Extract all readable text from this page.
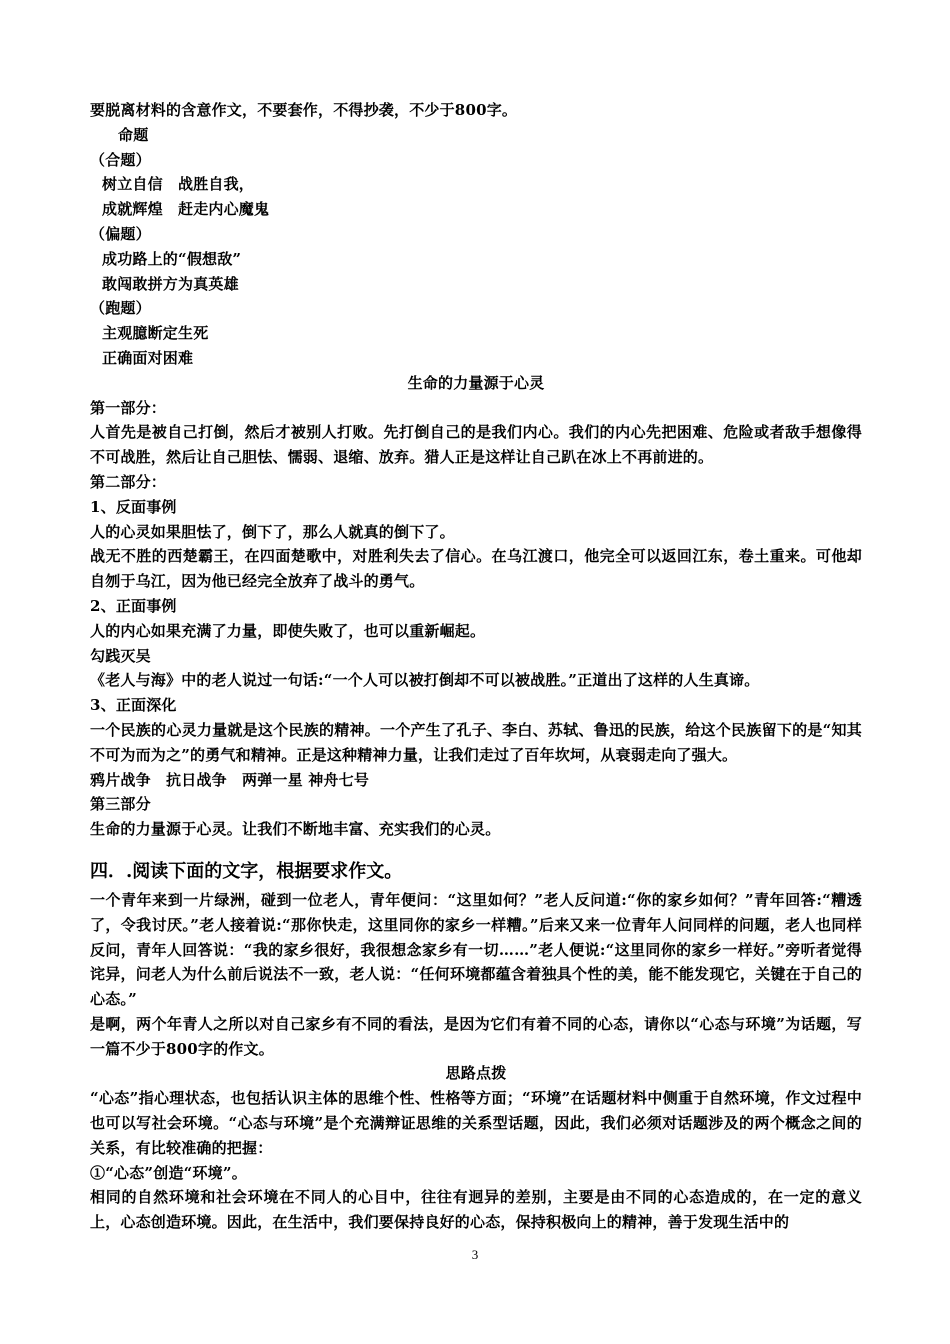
要脱离材料的含意作文，不要套作，不得抄袭，不少于800字。
命题
（合题）
树立自信　战胜自我，
成就辉煌　赶走内心魔鬼
（偏题）
成功路上的“假想敌”
敢闯敢拼方为真英雄
（跑题）
主观臆断定生死
正确面对困难
生命的力量源于心灵
第一部分：
人首先是被自己打倒，然后才被别人打败。先打倒自己的是我们内心。我们的内心先把困难、危险或者敌手想像得不可战胜，然后让自己胆怯、懦弱、退缩、放弃。猎人正是这样让自己趴在冰上不再前进的。
第二部分：
1、反面事例
人的心灵如果胆怯了，倒下了，那么人就真的倒下了。
战无不胜的西楚霸王，在四面楚歌中，对胜利失去了信心。在乌江渡口，他完全可以返回江东，卷土重来。可他却自刎于乌江，因为他已经完全放弃了战斗的勇气。
2、正面事例
人的内心如果充满了力量，即使失败了，也可以重新崛起。
勾践灭吴
《老人与海》中的老人说过一句话:“一个人可以被打倒却不可以被战胜。”正道出了这样的人生真谛。
3、正面深化
一个民族的心灵力量就是这个民族的精神。一个产生了孔子、李白、苏轼、鲁迅的民族，给这个民族留下的是“知其不可为而为之”的勇气和精神。正是这种精神力量，让我们走过了百年坎坷，从衰弱走向了强大。
鸦片战争　抗日战争　两弹一星 神舟七号
第三部分
生命的力量源于心灵。让我们不断地丰富、充实我们的心灵。
四．.阅读下面的文字，根据要求作文。
一个青年来到一片绿洲，碰到一位老人，青年便问：“这里如何？”老人反问道:“你的家乡如何？”青年回答:“糟透了，令我讨厌。”老人接着说:“那你快走，这里同你的家乡一样糟。”后来又来一位青年人问同样的问题，老人也同样反问，青年人回答说：“我的家乡很好，我很想念家乡有一切……”老人便说:“这里同你的家乡一样好。”旁听者觉得诧异，问老人为什么前后说法不一致，老人说：“任何环境都蕴含着独具个性的美，能不能发现它，关键在于自己的心态。”
是啊，两个年青人之所以对自己家乡有不同的看法，是因为它们有着不同的心态，请你以“心态与环境”为话题，写一篇不少于800字的作文。
思路点拨
“心态”指心理状态，也包括认识主体的思维个性、性格等方面；“环境”在话题材料中侧重于自然环境，作文过程中也可以写社会环境。“心态与环境”是个充满辩证思维的关系型话题，因此，我们必须对话题涉及的两个概念之间的关系，有比较准确的把握：
①“心态”创造“环境”。
相同的自然环境和社会环境在不同人的心目中，往往有迥异的差别，主要是由不同的心态造成的，在一定的意义上，心态创造环境。因此，在生活中，我们要保持良好的心态，保持积极向上的精神，善于发现生活中的
3
